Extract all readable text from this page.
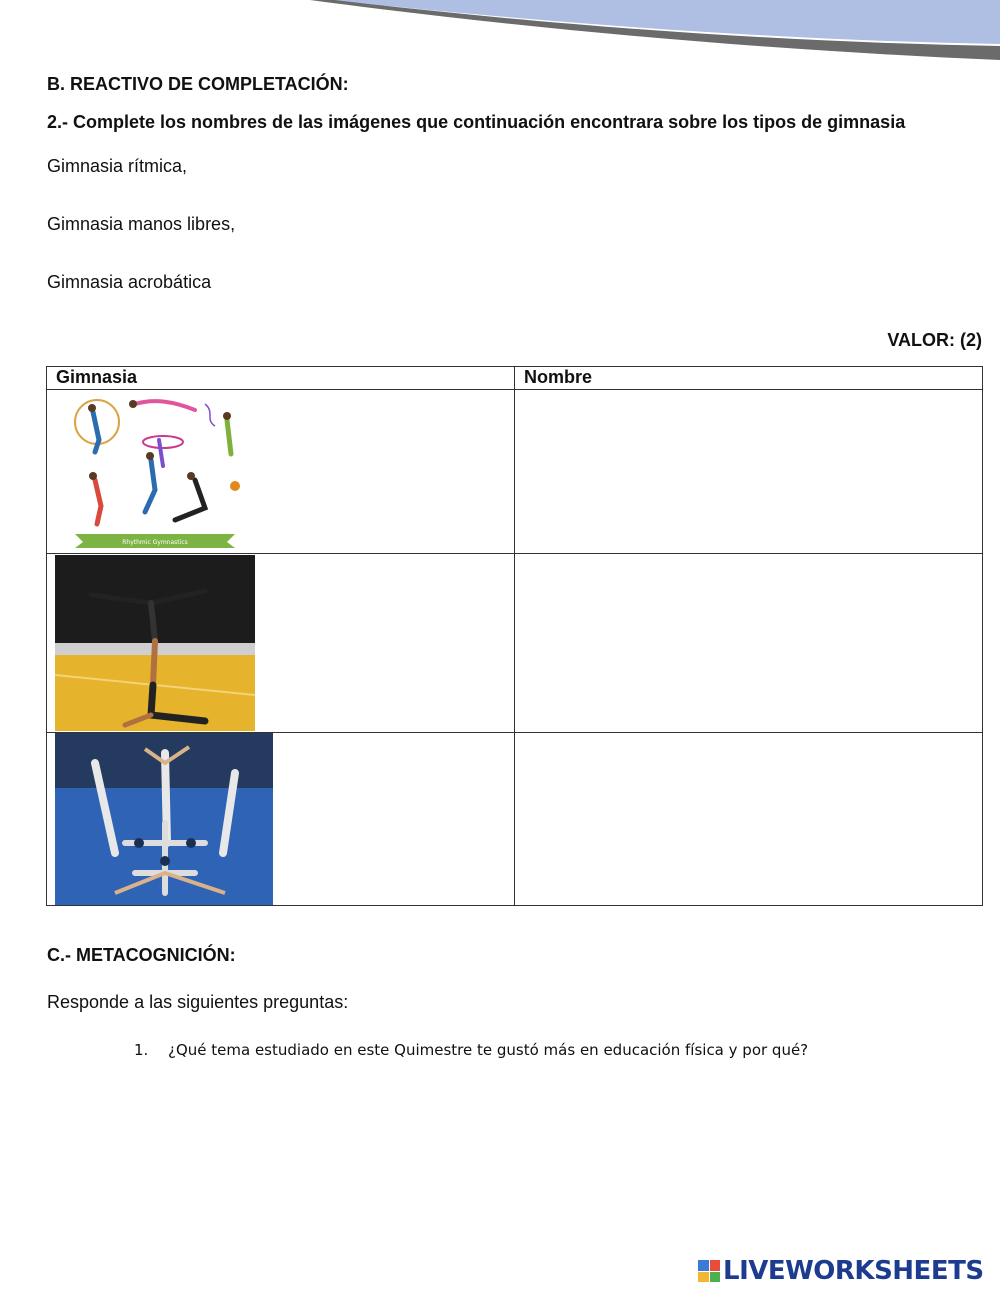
B. REACTIVO DE COMPLETACIÓN:
2.- Complete los nombres de las imágenes que continuación encontrara sobre los tipos de gimnasia
Gimnasia rítmica,
Gimnasia manos libres,
Gimnasia acrobática
VALOR: (2)
Gimnasia	Nombre

Rhythmic Gymnastics	

C.- METACOGNICIÓN:
Responde a las siguientes preguntas:
1. ¿Qué tema estudiado en este Quimestre te gustó más en educación física y por qué?
LIVEWORKSHEETS
